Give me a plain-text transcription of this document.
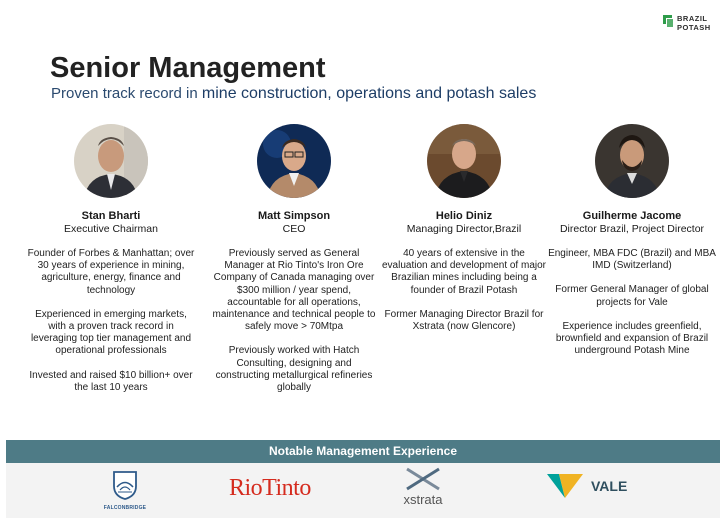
BRAZIL
POTASH
Senior Management
Proven track record in mine construction, operations and potash sales
Stan Bharti
Executive Chairman

Founder of Forbes & Manhattan; over 30 years of experience in mining, agriculture, energy, finance and technology

Experienced in emerging markets, with a proven track record in leveraging top tier management and operational professionals

Invested and raised $10 billion+ over the last 10 years

Matt Simpson
CEO

Previously served as General Manager at Rio Tinto's Iron Ore Company of Canada managing over $300 million / year spend, accountable for all operations, maintenance and technical people to safely move > 70Mtpa

Previously worked with Hatch Consulting, designing and constructing metallurgical refineries globally

Helio Diniz
Managing Director,Brazil

40 years of extensive in the evaluation and development of major Brazilian mines including being a founder of Brazil Potash

Former Managing Director Brazil for Xstrata (now Glencore)

Guilherme Jacome
Director Brazil, Project Director

Engineer, MBA FDC (Brazil) and MBA IMD (Switzerland)

Former General Manager of global projects for Vale

Experience includes greenfield, brownfield and expansion of Brazil underground Potash Mine

Notable Management Experience
FALCONBRIDGE
RioTinto	xstrata
VALE
